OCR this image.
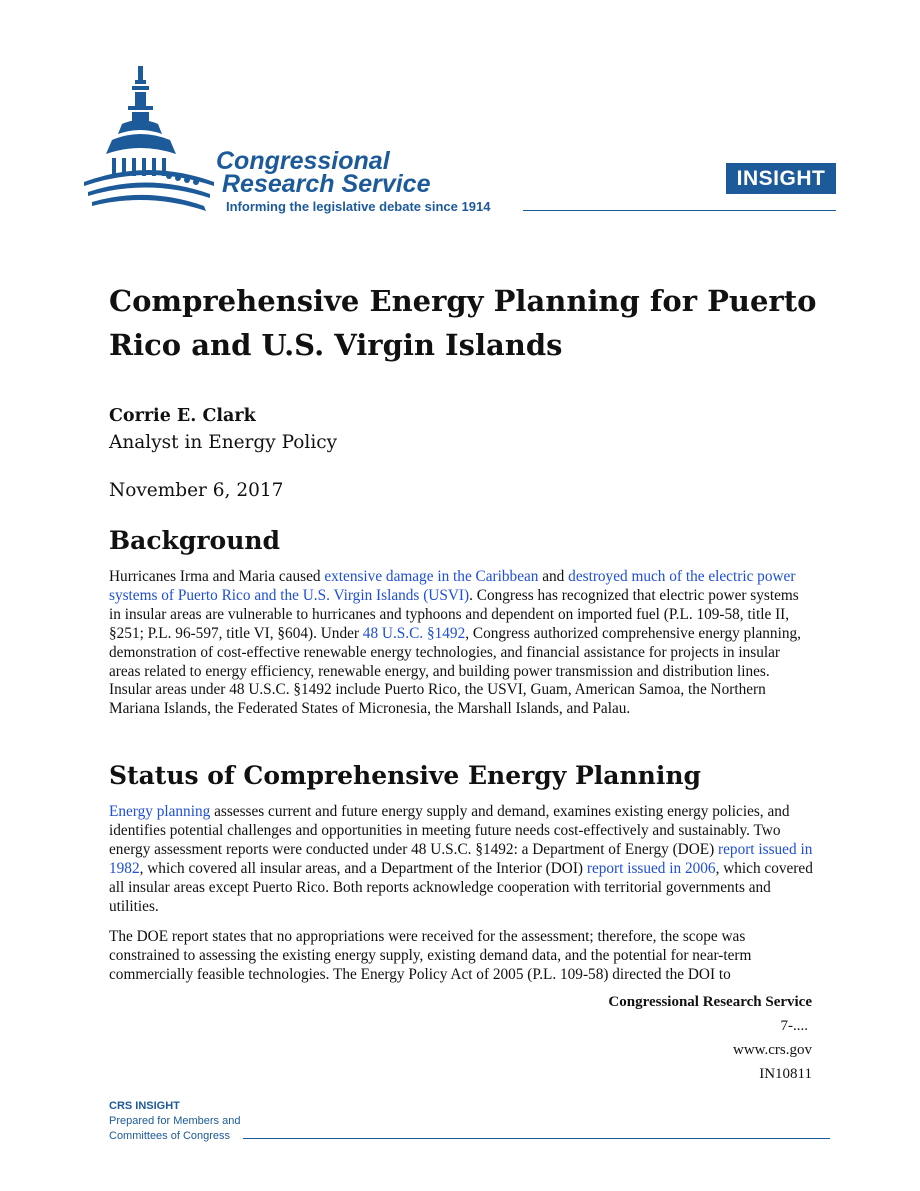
Congressional
Research Service
Informing the legislative debate since 1914
INSIGHT
Comprehensive Energy Planning for Puerto
Rico and U.S. Virgin Islands
Corrie E. Clark
Analyst in Energy Policy
November 6, 2017
Background
Hurricanes Irma and Maria caused extensive damage in the Caribbean and destroyed much of the electric power systems of Puerto Rico and the U.S. Virgin Islands (USVI). Congress has recognized that electric power systems in insular areas are vulnerable to hurricanes and typhoons and dependent on imported fuel (P.L. 109-58, title II, §251; P.L. 96-597, title VI, §604). Under 48 U.S.C. §1492, Congress authorized comprehensive energy planning, demonstration of cost-effective renewable energy technologies, and financial assistance for projects in insular areas related to energy efficiency, renewable energy, and building power transmission and distribution lines. Insular areas under 48 U.S.C. §1492 include Puerto Rico, the USVI, Guam, American Samoa, the Northern Mariana Islands, the Federated States of Micronesia, the Marshall Islands, and Palau.
Status of Comprehensive Energy Planning
Energy planning assesses current and future energy supply and demand, examines existing energy policies, and identifies potential challenges and opportunities in meeting future needs cost-effectively and sustainably. Two energy assessment reports were conducted under 48 U.S.C. §1492: a Department of Energy (DOE) report issued in 1982, which covered all insular areas, and a Department of the Interior (DOI) report issued in 2006, which covered all insular areas except Puerto Rico. Both reports acknowledge cooperation with territorial governments and utilities.
The DOE report states that no appropriations were received for the assessment; therefore, the scope was constrained to assessing the existing energy supply, existing demand data, and the potential for near-term commercially feasible technologies. The Energy Policy Act of 2005 (P.L. 109-58) directed the DOI to
Congressional Research Service
7-....
www.crs.gov
IN10811
CRS INSIGHT
Prepared for Members and
Committees of Congress
